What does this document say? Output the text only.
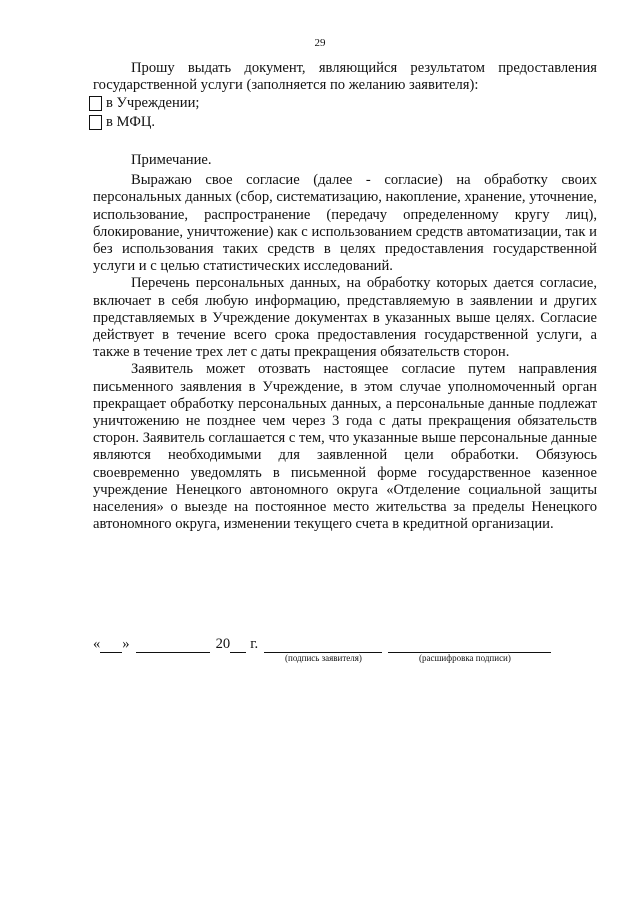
29

Прошу выдать документ, являющийся результатом предоставления государственной услуги (заполняется по желанию заявителя):

в Учреждении;
в МФЦ.

Примечание.

Выражаю свое согласие (далее - согласие) на обработку своих персональных данных (сбор, систематизацию, накопление, хранение, уточнение, использование, распространение (передачу определенному кругу лиц), блокирование, уничтожение) как с использованием средств автоматизации, так и без использования таких средств в целях предоставления государственной услуги и с целью статистических исследований.

Перечень персональных данных, на обработку которых дается согласие, включает в себя любую информацию, представляемую в заявлении и других представляемых в Учреждение документах в указанных выше целях. Согласие действует в течение всего срока предоставления государственной услуги, а также в течение трех лет с даты прекращения обязательств сторон.

Заявитель может отозвать настоящее согласие путем направления письменного заявления в Учреждение, в этом случае уполномоченный орган прекращает обработку персональных данных, а персональные данные подлежат уничтожению не позднее чем через 3 года с даты прекращения обязательств сторон. Заявитель соглашается с тем, что указанные выше персональные данные являются необходимыми для заявленной цели обработки. Обязуюсь своевременно уведомлять в письменной форме государственное казенное учреждение Ненецкого автономного округа «Отделение социальной защиты населения» о выезде на постоянное место жительства за пределы Ненецкого автономного округа, изменении текущего счета в кредитной организации.

« »	20 г.
(подпись заявителя)	(расшифровка подписи)
